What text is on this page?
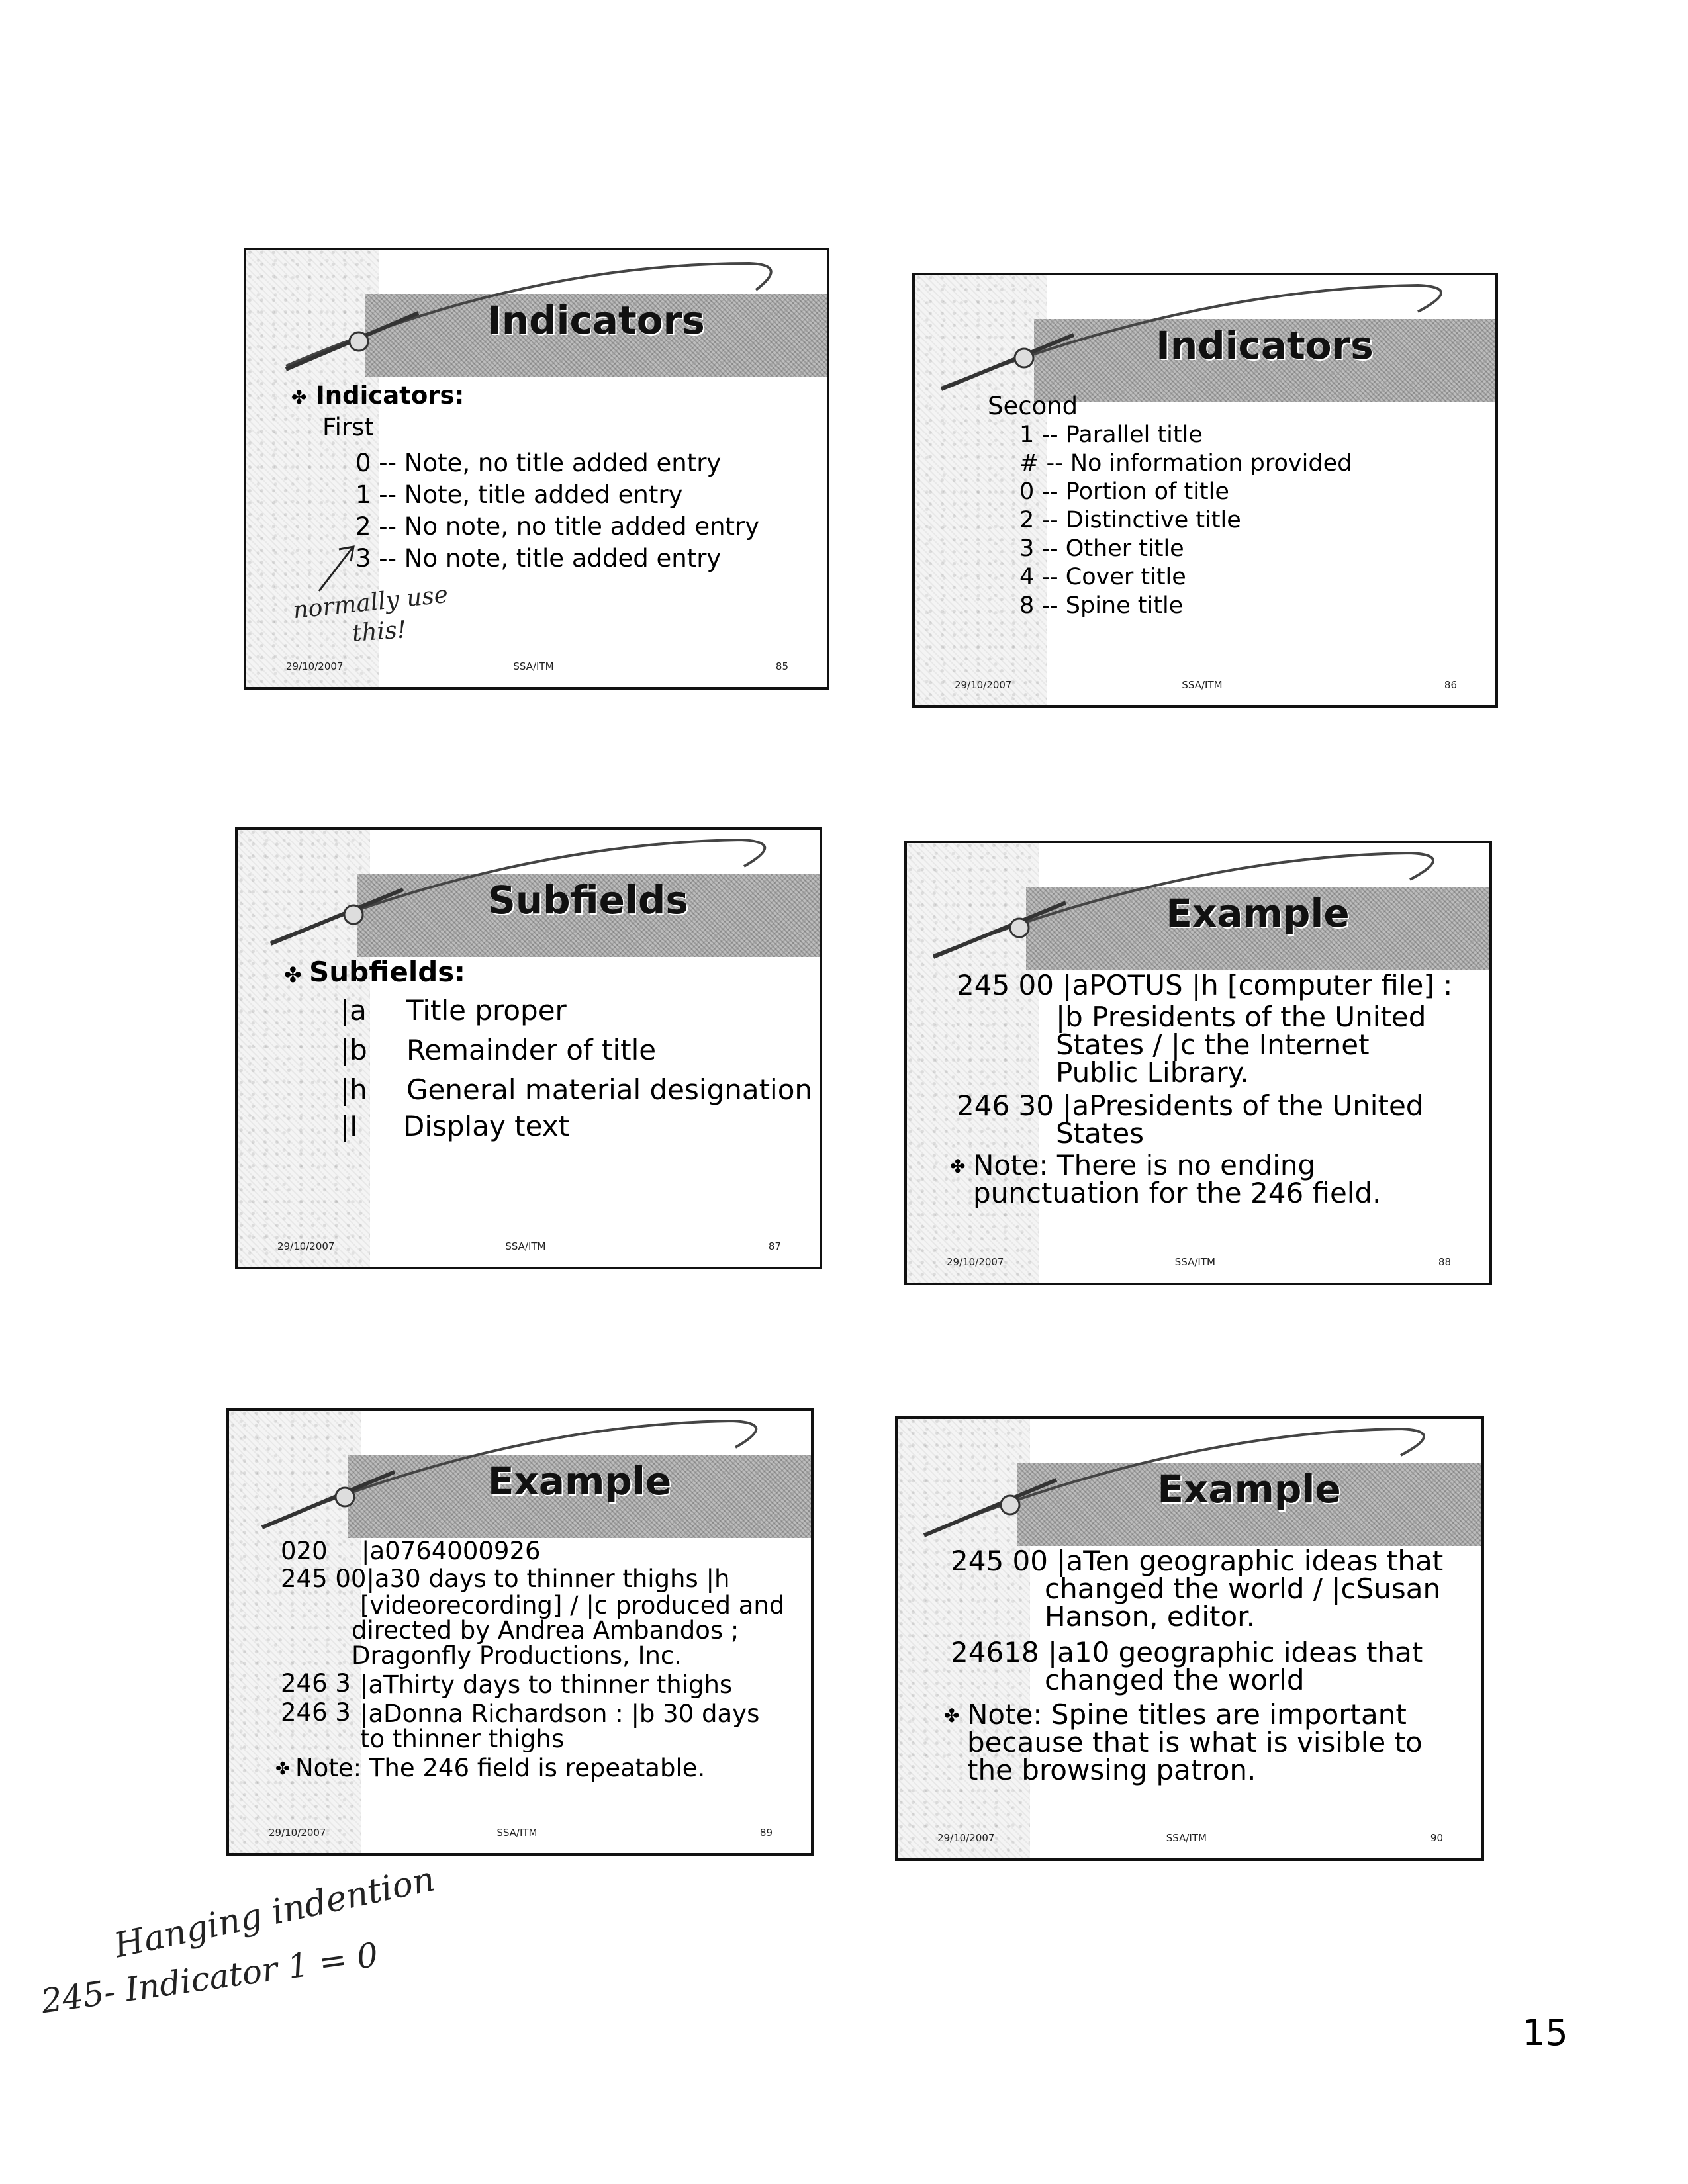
Indicators
✤ Indicators:
First
0 -- Note, no title added entry
1 -- Note, title added entry
2 -- No note, no title added entry
3 -- No note, title added entry
normally use
this!
29/10/2007	SSA/ITM	85
Indicators
Second
1 -- Parallel title
# -- No information provided
0 -- Portion of title
2 -- Distinctive title
3 -- Other title
4 -- Cover title
8 -- Spine title
29/10/2007	SSA/ITM	86
Subfields
✤ Subfields:
|a Title proper
|b Remainder of title
|h General material designation
|I Display text
29/10/2007	SSA/ITM	87
Example
245 00 |aPOTUS |h [computer file] :
|b Presidents of the United
States / |c the Internet
Public Library.
246 30 |aPresidents of the United
States
✤ Note: There is no ending
punctuation for the 246 field.
29/10/2007	SSA/ITM	88
Example
020 |a0764000926
245 00|a30 days to thinner thighs |h
[videorecording] / |c produced and
directed by Andrea Ambandos ;
Dragonfly Productions, Inc.
246 3 |aThirty days to thinner thighs
246 3 |aDonna Richardson : |b 30 days
to thinner thighs
✤ Note: The 246 field is repeatable.
29/10/2007	SSA/ITM	89
Example
245 00 |aTen geographic ideas that
changed the world / |cSusan
Hanson, editor.
24618 |a10 geographic ideas that
changed the world
✤ Note: Spine titles are important
because that is what is visible to
the browsing patron.
29/10/2007	SSA/ITM	90
Hanging indention
245- Indicator 1 = 0
15
